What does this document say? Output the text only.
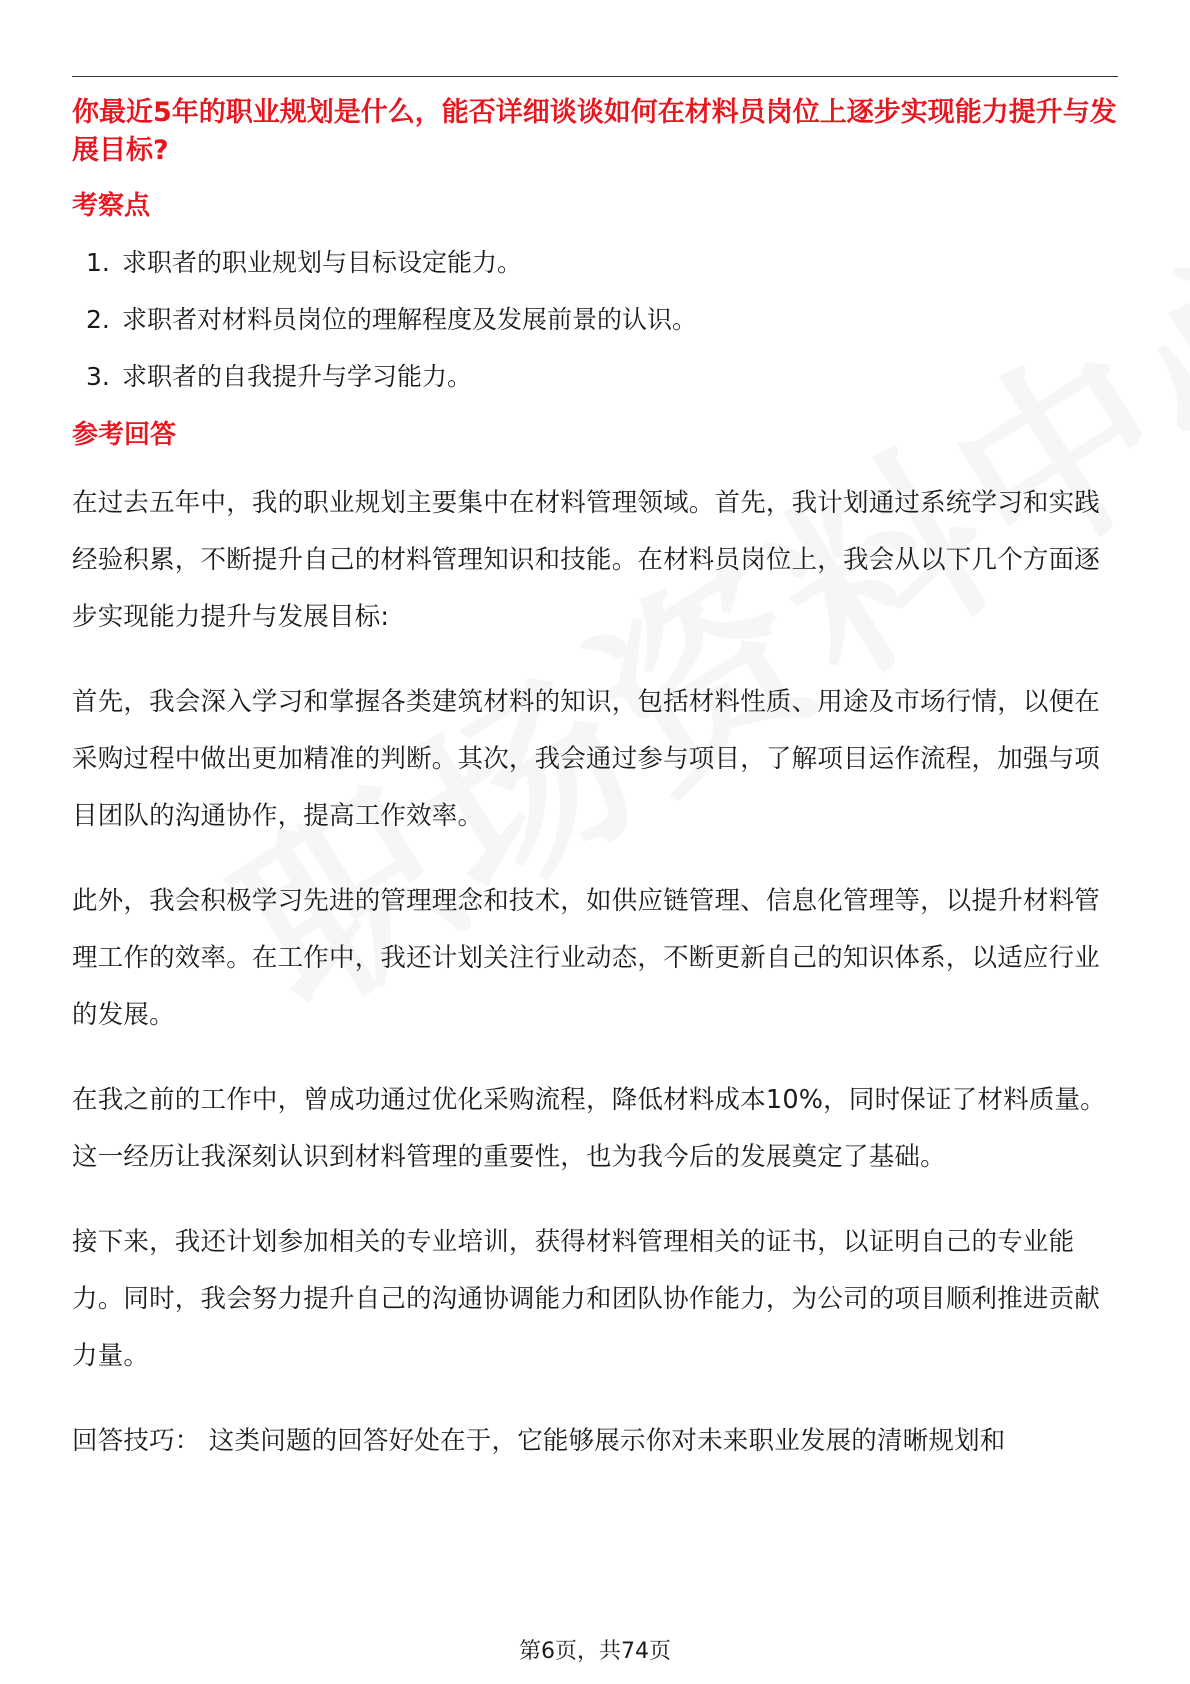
你最近5年的职业规划是什么，能否详细谈谈如何在材料员岗位上逐步实现能力提升与发展目标?
考察点
1. 求职者的职业规划与目标设定能力。
2. 求职者对材料员岗位的理解程度及发展前景的认识。
3. 求职者的自我提升与学习能力。
参考回答

在过去五年中，我的职业规划主要集中在材料管理领域。首先，我计划通过系统学习和实践经验积累，不断提升自己的材料管理知识和技能。在材料员岗位上，我会从以下几个方面逐步实现能力提升与发展目标:

首先，我会深入学习和掌握各类建筑材料的知识，包括材料性质、用途及市场行情，以便在采购过程中做出更加精准的判断。其次，我会通过参与项目，了解项目运作流程，加强与项目团队的沟通协作，提高工作效率。

此外，我会积极学习先进的管理理念和技术，如供应链管理、信息化管理等，以提升材料管理工作的效率。在工作中，我还计划关注行业动态，不断更新自己的知识体系，以适应行业的发展。

在我之前的工作中，曾成功通过优化采购流程，降低材料成本10%，同时保证了材料质量。这一经历让我深刻认识到材料管理的重要性，也为我今后的发展奠定了基础。

接下来，我还计划参加相关的专业培训，获得材料管理相关的证书，以证明自己的专业能力。同时，我会努力提升自己的沟通协调能力和团队协作能力，为公司的项目顺利推进贡献力量。

回答技巧： 这类问题的回答好处在于，它能够展示你对未来职业发展的清晰规划和

第6页，共74页
